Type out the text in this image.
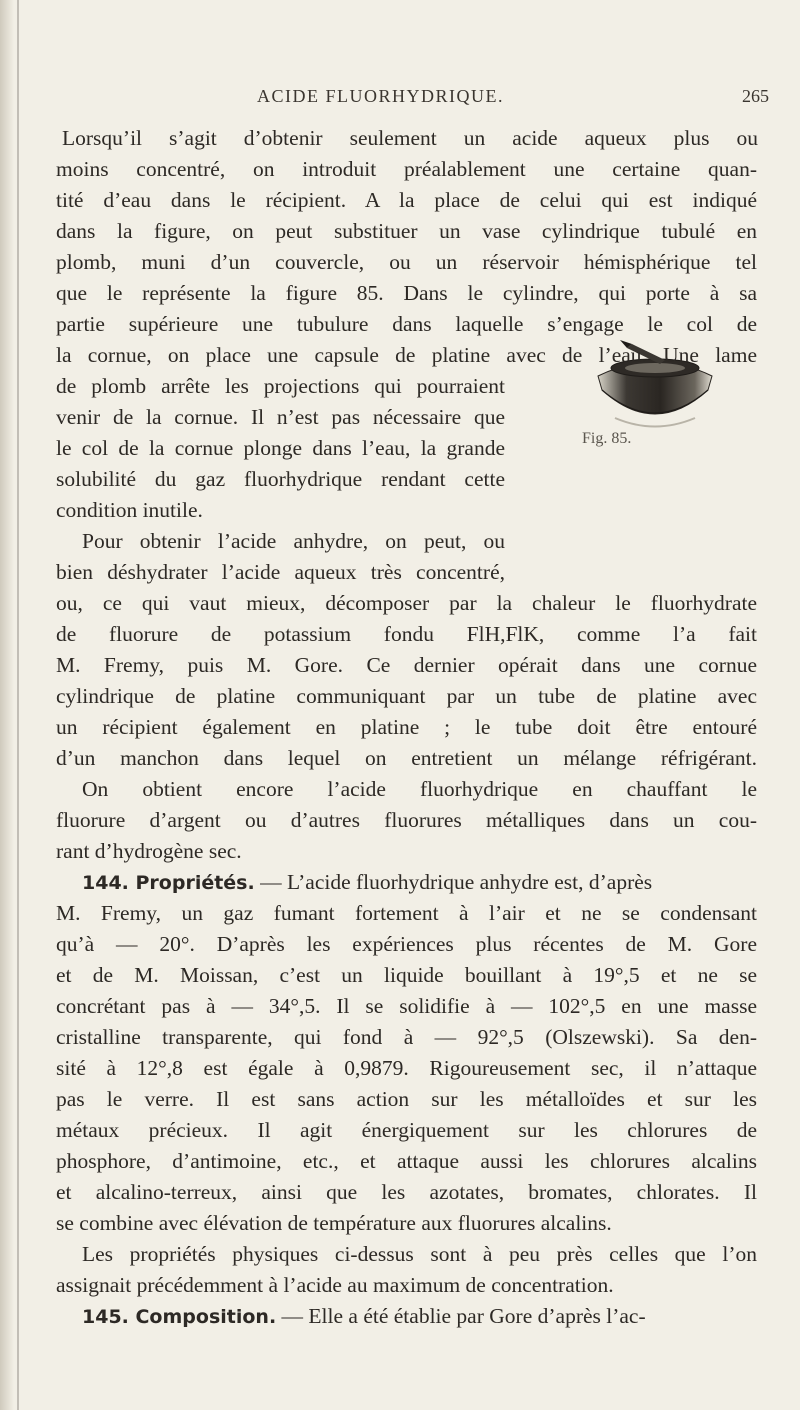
ACIDE FLUORHYDRIQUE.	265
Fig. 85.
Lorsqu’il s’agit d’obtenir seulement un acide aqueux plus ou
moins concentré, on introduit préalablement une certaine quan-
tité d’eau dans le récipient. A la place de celui qui est indiqué
dans la figure, on peut substituer un vase cylindrique tubulé en
plomb, muni d’un couvercle, ou un réservoir hémisphérique tel
que le représente la figure 85. Dans le cylindre, qui porte à sa
partie supérieure une tubulure dans laquelle s’engage le col de
la cornue, on place une capsule de platine avec de l’eau. Une lame
de plomb arrête les projections qui pourraient
venir de la cornue. Il n’est pas nécessaire que
le col de la cornue plonge dans l’eau, la grande
solubilité du gaz fluorhydrique rendant cette
condition inutile.
Pour obtenir l’acide anhydre, on peut, ou
bien déshydrater l’acide aqueux très concentré,
ou, ce qui vaut mieux, décomposer par la chaleur le fluorhydrate
de fluorure de potassium fondu FlH,FlK, comme l’a fait
M. Fremy, puis M. Gore. Ce dernier opérait dans une cornue
cylindrique de platine communiquant par un tube de platine avec
un récipient également en platine ; le tube doit être entouré
d’un manchon dans lequel on entretient un mélange réfrigérant.
On obtient encore l’acide fluorhydrique en chauffant le
fluorure d’argent ou d’autres fluorures métalliques dans un cou-
rant d’hydrogène sec.
144. Propriétés. — L’acide fluorhydrique anhydre est, d’après
M. Fremy, un gaz fumant fortement à l’air et ne se condensant
qu’à — 20°. D’après les expériences plus récentes de M. Gore
et de M. Moissan, c’est un liquide bouillant à 19°,5 et ne se
concrétant pas à — 34°,5. Il se solidifie à — 102°,5 en une masse
cristalline transparente, qui fond à — 92°,5 (Olszewski). Sa den-
sité à 12°,8 est égale à 0,9879. Rigoureusement sec, il n’attaque
pas le verre. Il est sans action sur les métalloïdes et sur les
métaux précieux. Il agit énergiquement sur les chlorures de
phosphore, d’antimoine, etc., et attaque aussi les chlorures alcalins
et alcalino-terreux, ainsi que les azotates, bromates, chlorates. Il
se combine avec élévation de température aux fluorures alcalins.
Les propriétés physiques ci-dessus sont à peu près celles que l’on
assignait précédemment à l’acide au maximum de concentration.
145. Composition. — Elle a été établie par Gore d’après l’ac-
